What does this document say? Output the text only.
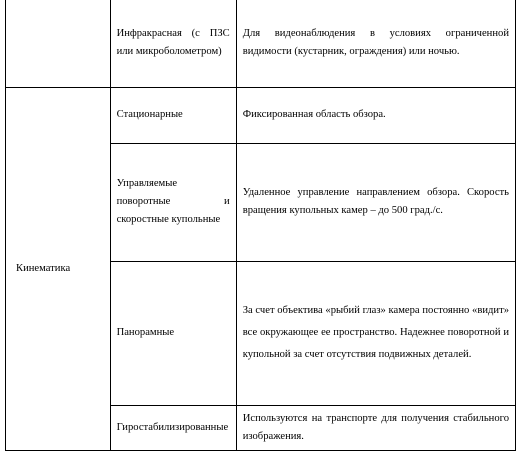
	Инфракрасная (с ПЗС или микроболометром)	Для видеонаблюдения в условиях ограниченной видимости (кустарник, ограждения) или ночью.
Кинематика	Стационарные	Фиксированная область обзора.
	Управляемые поворотные и скоростные купольные	Удаленное управление направлением обзора. Скорость вращения купольных камер – до 500 град./с.
	Панорамные	За счет объектива «рыбий глаз» камера постоянно «видит» все окружающее ее пространство. Надежнее поворотной и купольной за счет отсутствия подвижных деталей.
	Гиростабилизированные	Используются на транспорте для получения стабильного изображения.
